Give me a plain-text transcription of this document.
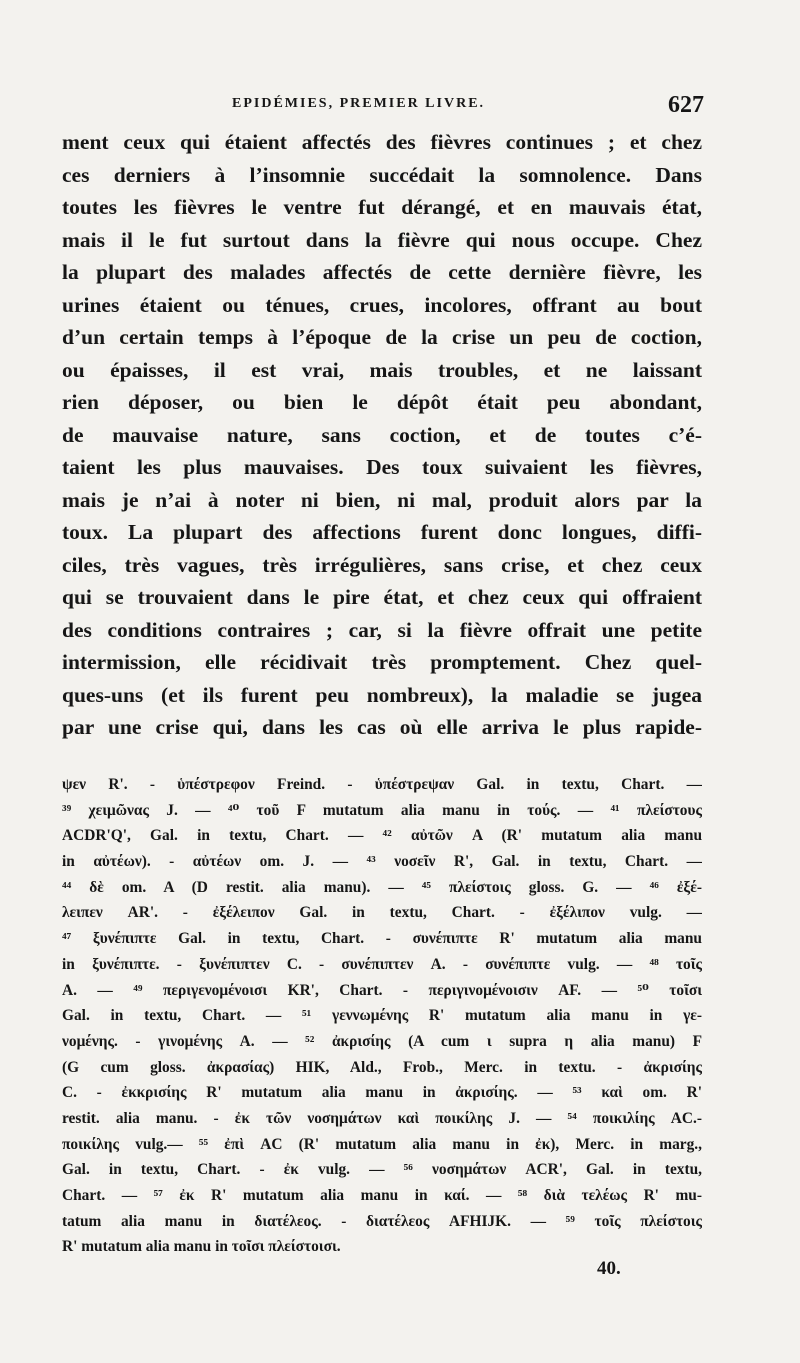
EPIDÉMIES, PREMIER LIVRE.	627
ment ceux qui étaient affectés des fièvres continues ; et chez
ces derniers à l’insomnie succédait la somnolence. Dans
toutes les fièvres le ventre fut dérangé, et en mauvais état,
mais il le fut surtout dans la fièvre qui nous occupe. Chez
la plupart des malades affectés de cette dernière fièvre, les
urines étaient ou ténues, crues, incolores, offrant au bout
d’un certain temps à l’époque de la crise un peu de coction,
ou épaisses, il est vrai, mais troubles, et ne laissant
rien déposer, ou bien le dépôt était peu abondant,
de mauvaise nature, sans coction, et de toutes c’é-
taient les plus mauvaises. Des toux suivaient les fièvres,
mais je n’ai à noter ni bien, ni mal, produit alors par la
toux. La plupart des affections furent donc longues, diffi-
ciles, très vagues, très irrégulières, sans crise, et chez ceux
qui se trouvaient dans le pire état, et chez ceux qui offraient
des conditions contraires ; car, si la fièvre offrait une petite
intermission, elle récidivait très promptement. Chez quel-
ques-uns (et ils furent peu nombreux), la maladie se jugea
par une crise qui, dans les cas où elle arriva le plus rapide-
ψεν R'. - ὑπέστρεφον Freind. - ὑπέστρεψαν Gal. in textu, Chart. —
³⁹ χειμῶνας J. — ⁴⁰ τοῦ F mutatum alia manu in τούς. — ⁴¹ πλείστους
ACDR'Q', Gal. in textu, Chart. — ⁴² αὐτῶν A (R' mutatum alia manu
in αὐτέων). - αὐτέων om. J. — ⁴³ νοσεῖν R', Gal. in textu, Chart. —
⁴⁴ δὲ om. A (D restit. alia manu). — ⁴⁵ πλείστοις gloss. G. — ⁴⁶ ἐξέ-
λειπεν AR'. - ἐξέλειπον Gal. in textu, Chart. - ἐξέλιπον vulg. —
⁴⁷ ξυνέπιπτε Gal. in textu, Chart. - συνέπιπτε R' mutatum alia manu
in ξυνέπιπτε. - ξυνέπιπτεν C. - συνέπιπτεν A. - συνέπιπτε vulg. — ⁴⁸ τοῖς
A. — ⁴⁹ περιγενομένοισι KR', Chart. - περιγινομένοισιν AF. — ⁵⁰ τοῖσι
Gal. in textu, Chart. — ⁵¹ γεννωμένης R' mutatum alia manu in γε-
νομένης. - γινομένης A. — ⁵² ἀκρισίης (A cum ι supra η alia manu) F
(G cum gloss. ἀκρασίας) HIK, Ald., Frob., Merc. in textu. - ἀκρισίης
C. - ἐκκρισίης R' mutatum alia manu in ἀκρισίης. — ⁵³ καὶ om. R'
restit. alia manu. - ἐκ τῶν νοσημάτων καὶ ποικίλης J. — ⁵⁴ ποικιλίης AC.-
ποικίλης vulg.— ⁵⁵ ἐπὶ AC (R' mutatum alia manu in ἐκ), Merc. in marg.,
Gal. in textu, Chart. - ἐκ vulg. — ⁵⁶ νοσημάτων ACR', Gal. in textu,
Chart. — ⁵⁷ ἐκ R' mutatum alia manu in καί. — ⁵⁸ διὰ τελέως R' mu-
tatum alia manu in διατέλεος. - διατέλεος AFHIJK. — ⁵⁹ τοῖς πλείστοις
R' mutatum alia manu in τοῖσι πλείστοισι.
40.
